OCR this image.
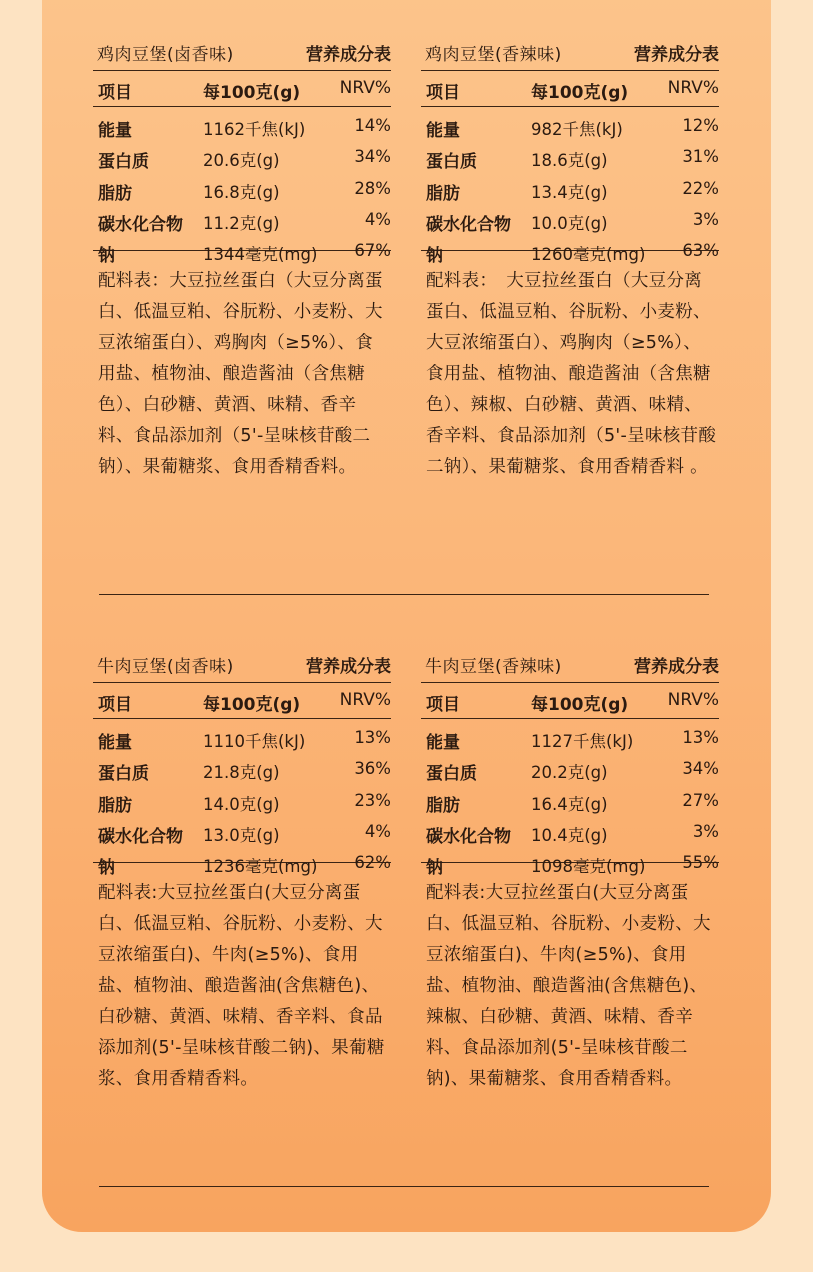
鸡肉豆堡(卤香味)	营养成分表
项目	每100克(g) NRV%
能量	1162千焦(kJ)	14%
蛋白质	20.6克(g)	34%
脂肪	16.8克(g)	28%
碳水化合物 11.2克(g)	4%
钠	1344毫克(mg) 67%
配料表：大豆拉丝蛋白（大豆分离蛋白、低温豆粕、谷朊粉、小麦粉、大豆浓缩蛋白）、鸡胸肉（≥5%）、食用盐、植物油、酿造酱油（含焦糖色）、白砂糖、黄酒、味精、香辛料、食品添加剂（5'-呈味核苷酸二钠）、果葡糖浆、食用香精香料。
鸡肉豆堡(香辣味)	营养成分表
项目	每100克(g) NRV%
能量	982千焦(kJ)	12%
蛋白质	18.6克(g)	31%
脂肪	13.4克(g)	22%
碳水化合物 10.0克(g)	3%
钠	1260毫克(mg) 63%
配料表：　大豆拉丝蛋白（大豆分离蛋白、低温豆粕、谷朊粉、小麦粉、大豆浓缩蛋白）、鸡胸肉（≥5%）、食用盐、植物油、酿造酱油（含焦糖色）、辣椒、白砂糖、黄酒、味精、香辛料、食品添加剂（5'-呈味核苷酸二钠）、果葡糖浆、食用香精香料 。
牛肉豆堡(卤香味)	营养成分表
项目	每100克(g) NRV%
能量	1110千焦(kJ)	13%
蛋白质	21.8克(g)	36%
脂肪	14.0克(g)	23%
碳水化合物 13.0克(g)	4%
钠	1236毫克(mg) 62%
配料表:大豆拉丝蛋白(大豆分离蛋白、低温豆粕、谷朊粉、小麦粉、大豆浓缩蛋白)、牛肉(≥5%)、食用盐、植物油、酿造酱油(含焦糖色)、白砂糖、黄酒、味精、香辛料、食品添加剂(5'-呈味核苷酸二钠)、果葡糖浆、食用香精香料。
牛肉豆堡(香辣味)	营养成分表
项目	每100克(g) NRV%
能量	1127千焦(kJ)	13%
蛋白质	20.2克(g)	34%
脂肪	16.4克(g)	27%
碳水化合物 10.4克(g)	3%
钠	1098毫克(mg) 55%
配料表:大豆拉丝蛋白(大豆分离蛋白、低温豆粕、谷朊粉、小麦粉、大豆浓缩蛋白)、牛肉(≥5%)、食用盐、植物油、酿造酱油(含焦糖色)、辣椒、白砂糖、黄酒、味精、香辛料、食品添加剂(5'-呈味核苷酸二钠)、果葡糖浆、食用香精香料。
